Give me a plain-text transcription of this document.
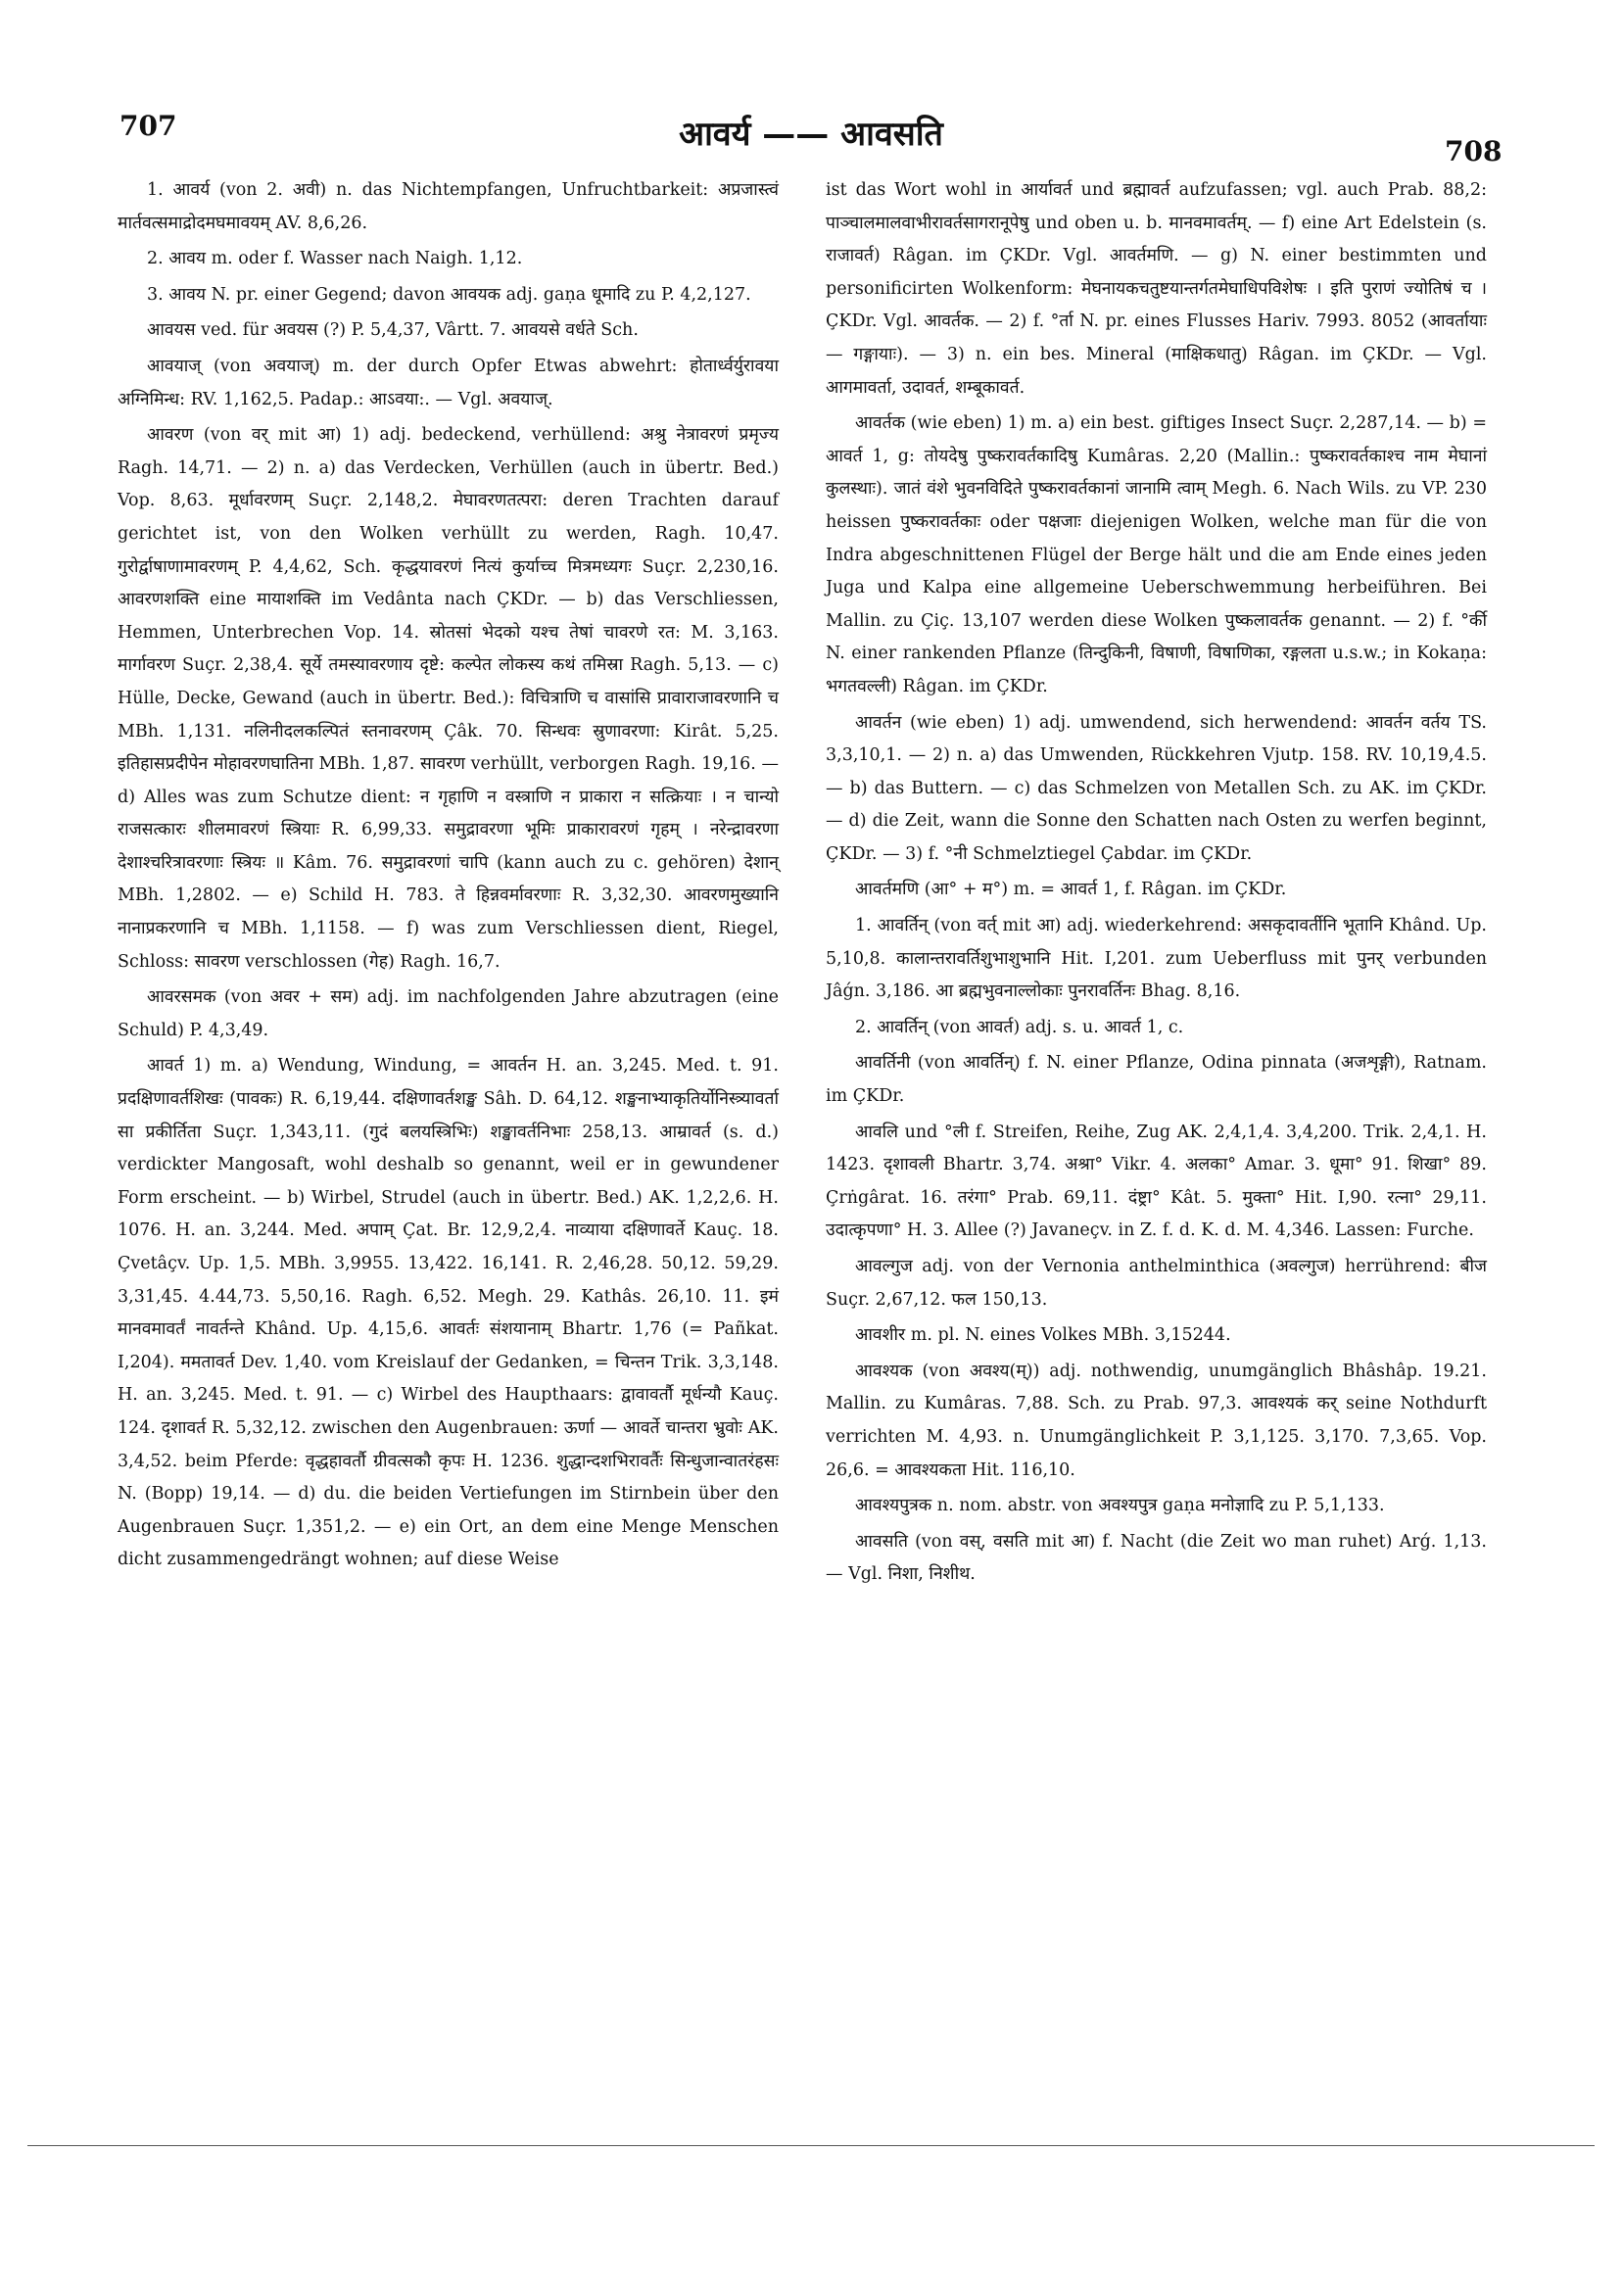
707	आवर्य —— आवसति	708

1. आवर्य (von 2. अवी) n. das Nichtempfangen, Unfruchtbarkeit: अप्रजास्त्वं मार्तवत्समाद्रोदमघमावयम् AV. 8,6,26.

2. आवय m. oder f. Wasser nach Naigh. 1,12.

3. आवय N. pr. einer Gegend; davon आवयक adj. gaṇa धूमादि zu P. 4,2,127.

आवयस ved. für अवयस (?) P. 5,4,37, Vârtt. 7. आवयसे वर्धते Sch.

आवयाज् (von अवयाज्) m. der durch Opfer Etwas abwehrt: होतार्ध्वर्युरावया अग्निमिन्ध: RV. 1,162,5. Padap.: आऽवया:. — Vgl. अवयाज्.

आवरण (von वर् mit आ) 1) adj. bedeckend, verhüllend: अश्रु नेत्रावरणं प्रमृज्य Ragh. 14,71. — 2) n. a) das Verdecken, Verhüllen (auch in übertr. Bed.) Vop. 8,63. मूर्धावरणम् Suçr. 2,148,2. मेघावरणतत्परा: deren Trachten darauf gerichtet ist, von den Wolken verhüllt zu werden, Ragh. 10,47. गुरोर्द्वाषाणामावरणम् P. 4,4,62, Sch. कृद्धयावरणं नित्यं कुर्याच्च मित्रमध्यगः Suçr. 2,230,16. आवरणशक्ति eine मायाशक्ति im Vedânta nach ÇKDr. — b) das Verschliessen, Hemmen, Unterbrechen Vop. 14. स्रोतसां भेदको यश्च तेषां चावरणे रत: M. 3,163. मार्गावरण Suçr. 2,38,4. सूर्ये तमस्यावरणाय दृष्टे: कल्पेत लोकस्य कथं तमिस्रा Ragh. 5,13. — c) Hülle, Decke, Gewand (auch in übertr. Bed.): विचित्राणि च वासांसि प्रावाराजावरणानि च MBh. 1,131. नलिनीदलकल्पितं स्तनावरणम् Çâk. 70. सिन्धवः स्रुणावरणा: Kirât. 5,25. इतिहासप्रदीपेन मोहावरणघातिना MBh. 1,87. सावरण verhüllt, verborgen Ragh. 19,16. — d) Alles was zum Schutze dient: न गृहाणि न वस्त्राणि न प्राकारा न सत्क्रियाः । न चान्यो राजसत्कारः शीलमावरणं स्त्रियाः R. 6,99,33. समुद्रावरणा भूमिः प्राकारावरणं गृहम् । नरेन्द्रावरणा देशाश्चरित्रावरणाः स्त्रियः ॥ Kâm. 76. समुद्रावरणां चापि (kann auch zu c. gehören) देशान् MBh. 1,2802. — e) Schild H. 783. ते हिन्नवर्मावरणाः R. 3,32,30. आवरणमुख्यानि नानाप्रकरणानि च MBh. 1,1158. — f) was zum Verschliessen dient, Riegel, Schloss: सावरण verschlossen (गेह) Ragh. 16,7.

आवरसमक (von अवर + सम) adj. im nachfolgenden Jahre abzutragen (eine Schuld) P. 4,3,49.

आवर्त 1) m. a) Wendung, Windung, = आवर्तन H. an. 3,245. Med. t. 91. प्रदक्षिणावर्तशिखः (पावकः) R. 6,19,44. दक्षिणावर्तशङ्ख Sâh. D. 64,12. शङ्खनाभ्याकृतिर्योनिस्त्र्यावर्ता सा प्रकीर्तिता Suçr. 1,343,11. (गुदं बलयस्त्रिभिः) शङ्खावर्तनिभाः 258,13. आम्रावर्त (s. d.) verdickter Mangosaft, wohl deshalb so genannt, weil er in gewundener Form erscheint. — b) Wirbel, Strudel (auch in übertr. Bed.) AK. 1,2,2,6. H. 1076. H. an. 3,244. Med. अपाम् Çat. Br. 12,9,2,4. नाव्याया दक्षिणावर्ते Kauç. 18. Çvetâçv. Up. 1,5. MBh. 3,9955. 13,422. 16,141. R. 2,46,28. 50,12. 59,29. 3,31,45. 4.44,73. 5,50,16. Ragh. 6,52. Megh. 29. Kathâs. 26,10. 11. इमं मानवमावर्तं नावर्तन्ते Khând. Up. 4,15,6. आवर्तः संशयानाम् Bhartr. 1,76 (= Pañkat. I,204). ममतावर्त Dev. 1,40. vom Kreislauf der Gedanken, = चिन्तन Trik. 3,3,148. H. an. 3,245. Med. t. 91. — c) Wirbel des Haupthaars: द्वावावर्तौ मूर्धन्यौ Kauç. 124. दृशावर्त R. 5,32,12. zwischen den Augenbrauen: ऊर्णा — आवर्ते चान्तरा भ्रुवोः AK. 3,4,52. beim Pferde: वृद्धहावर्तौ ग्रीवत्सकौ कृपः H. 1236. शुद्धान्दशभिरावर्तैः सिन्धुजान्वातरंहसः N. (Bopp) 19,14. — d) du. die beiden Vertiefungen im Stirnbein über den Augenbrauen Suçr. 1,351,2. — e) ein Ort, an dem eine Menge Menschen dicht zusammengedrängt wohnen; auf diese Weise

ist das Wort wohl in आर्यावर्त und ब्रह्मावर्त aufzufassen; vgl. auch Prab. 88,2: पाञ्चालमालवाभीरावर्तसागरानूपेषु und oben u. b. मानवमावर्तम्. — f) eine Art Edelstein (s. राजावर्त) Râgan. im ÇKDr. Vgl. आवर्तमणि. — g) N. einer bestimmten und personificirten Wolkenform: मेघनायकचतुष्टयान्तर्गतमेघाधिपविशेषः । इति पुराणं ज्योतिषं च । ÇKDr. Vgl. आवर्तक. — 2) f. °र्ता N. pr. eines Flusses Hariv. 7993. 8052 (आवर्तायाः — गङ्गायाः). — 3) n. ein bes. Mineral (माक्षिकधातु) Râgan. im ÇKDr. — Vgl. आगमावर्ता, उदावर्त, शम्बूकावर्त.

आवर्तक (wie eben) 1) m. a) ein best. giftiges Insect Suçr. 2,287,14. — b) = आवर्त 1, g: तोयदेषु पुष्करावर्तकादिषु Kumâras. 2,20 (Mallin.: पुष्करावर्तकाश्च नाम मेघानां कुलस्थाः). जातं वंशे भुवनविदिते पुष्करावर्तकानां जानामि त्वाम् Megh. 6. Nach Wils. zu VP. 230 heissen पुष्करावर्तकाः oder पक्षजाः diejenigen Wolken, welche man für die von Indra abgeschnittenen Flügel der Berge hält und die am Ende eines jeden Juga und Kalpa eine allgemeine Ueberschwemmung herbeiführen. Bei Mallin. zu Çiç. 13,107 werden diese Wolken पुष्कलावर्तक genannt. — 2) f. °र्की N. einer rankenden Pflanze (तिन्दुकिनी, विषाणी, विषाणिका, रङ्गलता u.s.w.; in Kokaṇa: भगतवल्ली) Râgan. im ÇKDr.

आवर्तन (wie eben) 1) adj. umwendend, sich herwendend: आवर्तन वर्तय TS. 3,3,10,1. — 2) n. a) das Umwenden, Rückkehren Vjutp. 158. RV. 10,19,4.5. — b) das Buttern. — c) das Schmelzen von Metallen Sch. zu AK. im ÇKDr. — d) die Zeit, wann die Sonne den Schatten nach Osten zu werfen beginnt, ÇKDr. — 3) f. °नी Schmelztiegel Çabdar. im ÇKDr.

आवर्तमणि (आ° + म°) m. = आवर्त 1, f. Râgan. im ÇKDr.

1. आवर्तिन् (von वर्त् mit आ) adj. wiederkehrend: असकृदावर्तीनि भूतानि Khând. Up. 5,10,8. कालान्तरावर्तिशुभाशुभानि Hit. I,201. zum Ueberfluss mit पुनर् verbunden Jâǵn. 3,186. आ ब्रह्मभुवनाल्लोकाः पुनरावर्तिनः Bhag. 8,16.

2. आवर्तिन् (von आवर्त) adj. s. u. आवर्त 1, c.

आवर्तिनी (von आवर्तिन्) f. N. einer Pflanze, Odina pinnata (अजशृङ्गी), Ratnam. im ÇKDr.

आवलि und °ली f. Streifen, Reihe, Zug AK. 2,4,1,4. 3,4,200. Trik. 2,4,1. H. 1423. दृशावली Bhartr. 3,74. अश्रा° Vikr. 4. अलका° Amar. 3. धूमा° 91. शिखा° 89. Çrṅgârat. 16. तरंगा° Prab. 69,11. दंष्ट्रा° Kât. 5. मुक्ता° Hit. I,90. रत्ना° 29,11. उदात्कृपणा° H. 3. Allee (?) Javaneçv. in Z. f. d. K. d. M. 4,346. Lassen: Furche.

आवल्गुज adj. von der Vernonia anthelminthica (अवल्गुज) herrührend: बीज Suçr. 2,67,12. फल 150,13.

आवशीर m. pl. N. eines Volkes MBh. 3,15244.

आवश्यक (von अवश्य(म्)) adj. nothwendig, unumgänglich Bhâshâp. 19.21. Mallin. zu Kumâras. 7,88. Sch. zu Prab. 97,3. आवश्यकं कर् seine Nothdurft verrichten M. 4,93. n. Unumgänglichkeit P. 3,1,125. 3,170. 7,3,65. Vop. 26,6. = आवश्यकता Hit. 116,10.

आवश्यपुत्रक n. nom. abstr. von अवश्यपुत्र gaṇa मनोज्ञादि zu P. 5,1,133.

आवसति (von वस्, वसति mit आ) f. Nacht (die Zeit wo man ruhet) Arǵ. 1,13. — Vgl. निशा, निशीथ.
